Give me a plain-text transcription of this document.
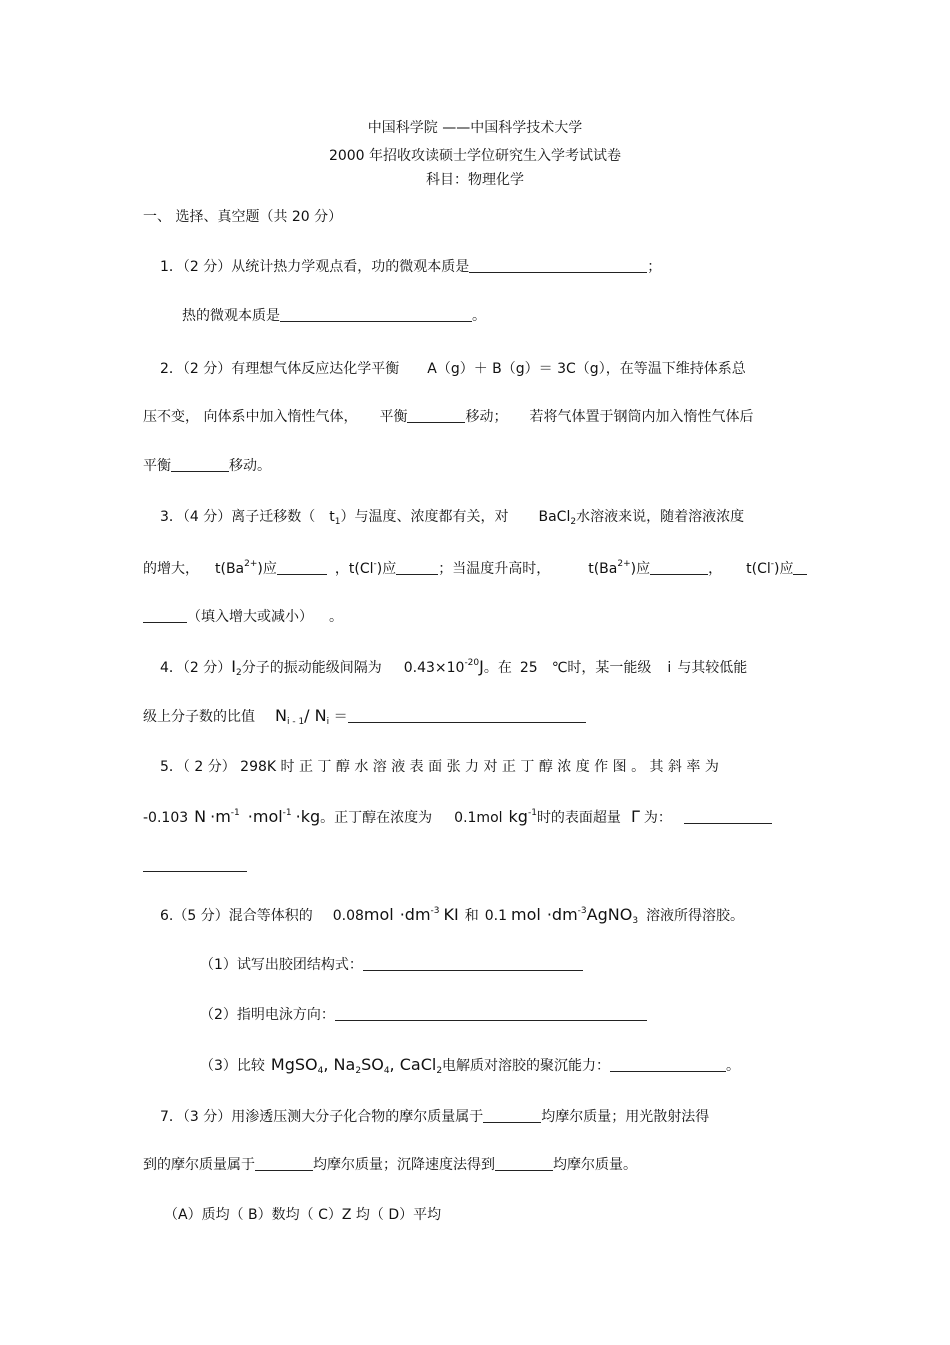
中国科学院 ——中国科学技术大学
2000 年招收攻读硕士学位研究生入学考试试卷
科目：物理化学
一、 选择、真空题（共 20 分）
1．（2 分）从统计热力学观点看，功的微观本质是	；
热的微观本质是	。
2．（2 分）有理想气体反应达化学平衡 A（g）＋ B（g）＝ 3C（g），在等温下维持体系总
压不变， 向体系中加入惰性气体， 平衡	移动； 若将气体置于钢筒内加入惰性气体后
平衡	移动。
3．（4 分）离子迁移数（ $t_1$）与温度、浓度都有关，对 BaCl$_2$水溶液来说，随着溶液浓度
的增大， $t(Ba^{2+})$应	，t(Cl-)应	；当温度升高时，	$t(Ba^{2+})$应	， t(Cl-)应
（填入增大或减小） 。
4．（2 分）$I_2$分子的振动能级间隔为 $0.43\times 10^{-20}J$。在 25 ℃时，某一能级 i 与其较低能
级上分子数的比值 $N_{i - 1}/$ $N_i$ ＝
5．（ 2 分） 298K 时 正 丁 醇 水 溶 液 表 面 张 力 对 正 丁 醇 浓 度 作 图 。 其 斜 率 为
-0.103 $N \cdot m^{-1} \cdot mol^{-1} \cdot kg$。正丁醇在浓度为 0.1mol $kg^{-1}$时的表面超量 Γ 为：
6.（5 分）混合等体积的 $0.08mol \cdot dm^{-3}$ KI 和 0.1 mol $\cdot dm^{-3}AgNO_3$ 溶液所得溶胶。
（1）试写出胶团结构式：
（2）指明电泳方向：
（3）比较 MgSO$_4$, $Na_2SO_4$, CaCl$_2$电解质对溶胶的聚沉能力：	。
7．（3 分）用渗透压测大分子化合物的摩尔质量属于	均摩尔质量；用光散射法得
到的摩尔质量属于	均摩尔质量；沉降速度法得到	均摩尔质量。
（A）质均（ B）数均（ C）Z 均（ D）平均
